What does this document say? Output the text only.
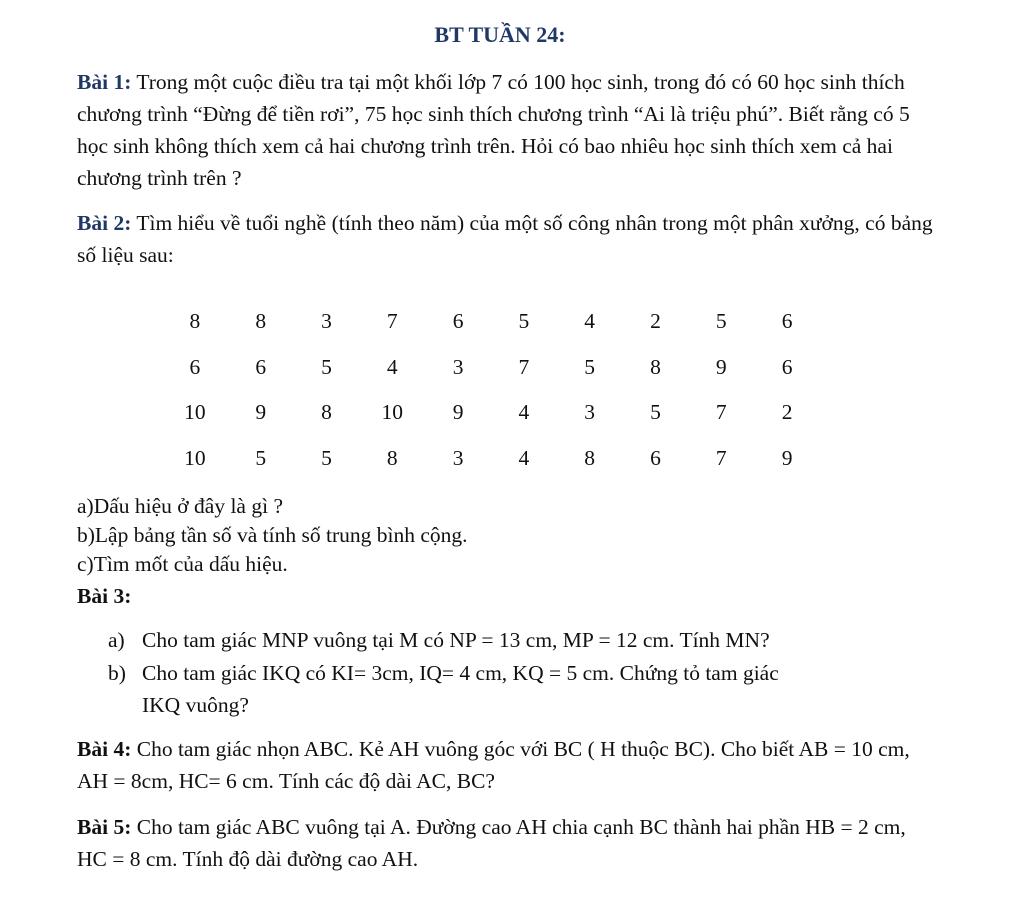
BT TUẦN 24:
Bài 1: Trong một cuộc điều tra tại một khối lớp 7 có 100 học sinh, trong đó có 60 học sinh thích chương trình “Đừng để tiền rơi”, 75 học sinh thích chương trình “Ai là triệu phú”. Biết rằng có 5 học sinh không thích xem cả hai chương trình trên. Hỏi có bao nhiêu học sinh thích xem cả hai chương trình trên ?
Bài 2: Tìm hiểu về tuổi nghề (tính theo năm) của một số công nhân trong một phân xưởng, có bảng số liệu sau:
8	8	3	7	6	5	4	2	5	6
6	6	5	4	3	7	5	8	9	6
10	9	8	10	9	4	3	5	7	2
10	5	5	8	3	4	8	6	7	9
a)Dấu hiệu ở đây là gì ?
b)Lập bảng tần số và tính số trung bình cộng.
c)Tìm mốt của dấu hiệu.
Bài 3:
a) Cho tam giác MNP vuông tại M có NP = 13 cm, MP = 12 cm. Tính MN?
b) Cho tam giác IKQ có KI= 3cm, IQ= 4 cm, KQ = 5 cm. Chứng tỏ tam giác
IKQ vuông?
Bài 4: Cho tam giác nhọn ABC. Kẻ AH vuông góc với BC ( H thuộc BC). Cho biết AB = 10 cm, AH = 8cm, HC= 6 cm. Tính các độ dài AC, BC?
Bài 5: Cho tam giác ABC vuông tại A. Đường cao AH chia cạnh BC thành hai phần HB = 2 cm, HC = 8 cm. Tính độ dài đường cao AH.
